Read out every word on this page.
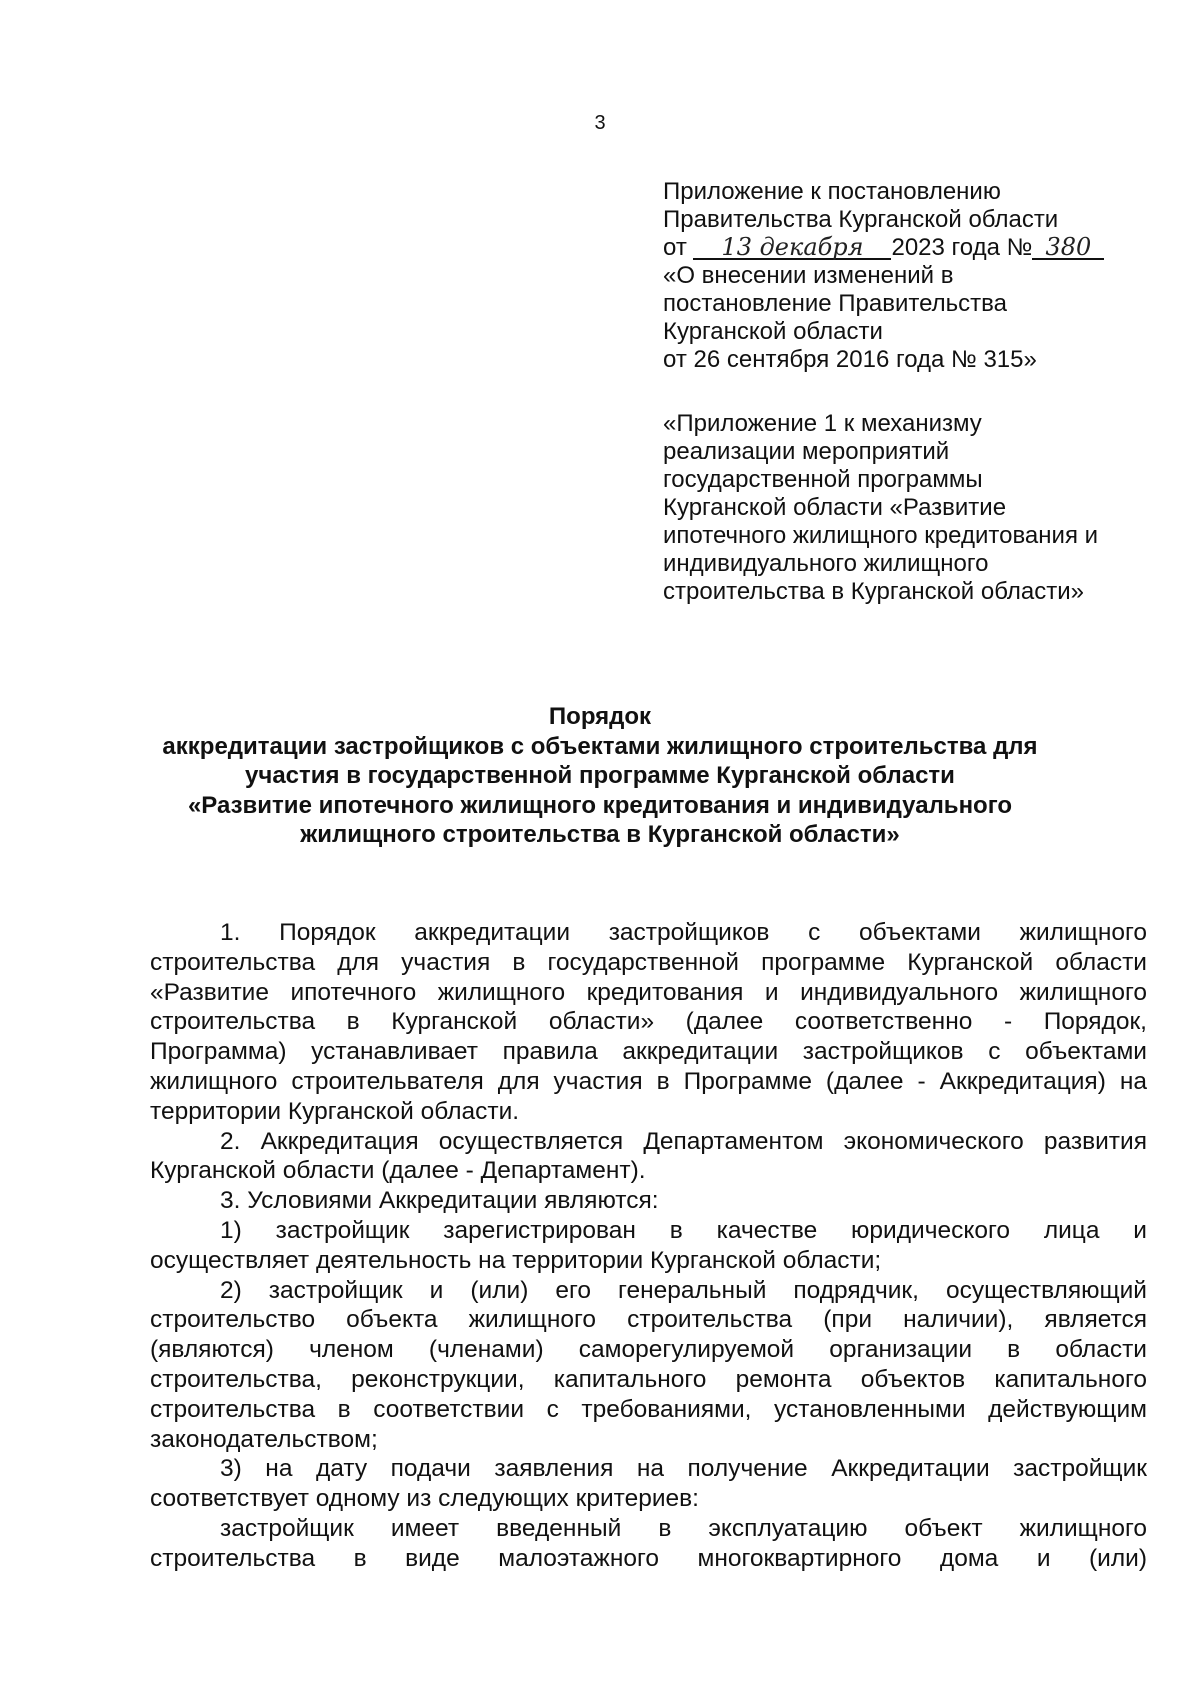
3
Приложение к постановлению
Правительства Курганской области
от 13 декабря 2023 года № 380
«О внесении изменений в
постановление Правительства
Курганской области
от 26 сентября 2016 года № 315»
«Приложение 1 к механизму
реализации мероприятий
государственной программы
Курганской области «Развитие
ипотечного жилищного кредитования и
индивидуального жилищного
строительства в Курганской области»
Порядок
аккредитации застройщиков с объектами жилищного строительства для
участия в государственной программе Курганской области
«Развитие ипотечного жилищного кредитования и индивидуального
жилищного строительства в Курганской области»
1. Порядок аккредитации застройщиков с объектами жилищного
строительства для участия в государственной программе Курганской области
«Развитие ипотечного жилищного кредитования и индивидуального жилищного
строительства в Курганской области» (далее соответственно - Порядок,
Программа) устанавливает правила аккредитации застройщиков с объектами
жилищного строительвателя для участия в Программе (далее - Аккредитация) на
территории Курганской области.
2. Аккредитация осуществляется Департаментом экономического развития
Курганской области (далее - Департамент).
3. Условиями Аккредитации являются:
1) застройщик зарегистрирован в качестве юридического лица и
осуществляет деятельность на территории Курганской области;
2) застройщик и (или) его генеральный подрядчик, осуществляющий
строительство объекта жилищного строительства (при наличии), является
(являются) членом (членами) саморегулируемой организации в области
строительства, реконструкции, капитального ремонта объектов капитального
строительства в соответствии с требованиями, установленными действующим
законодательством;
3) на дату подачи заявления на получение Аккредитации застройщик
соответствует одному из следующих критериев:
застройщик имеет введенный в эксплуатацию объект жилищного
строительства в виде малоэтажного многоквартирного дома и (или)
